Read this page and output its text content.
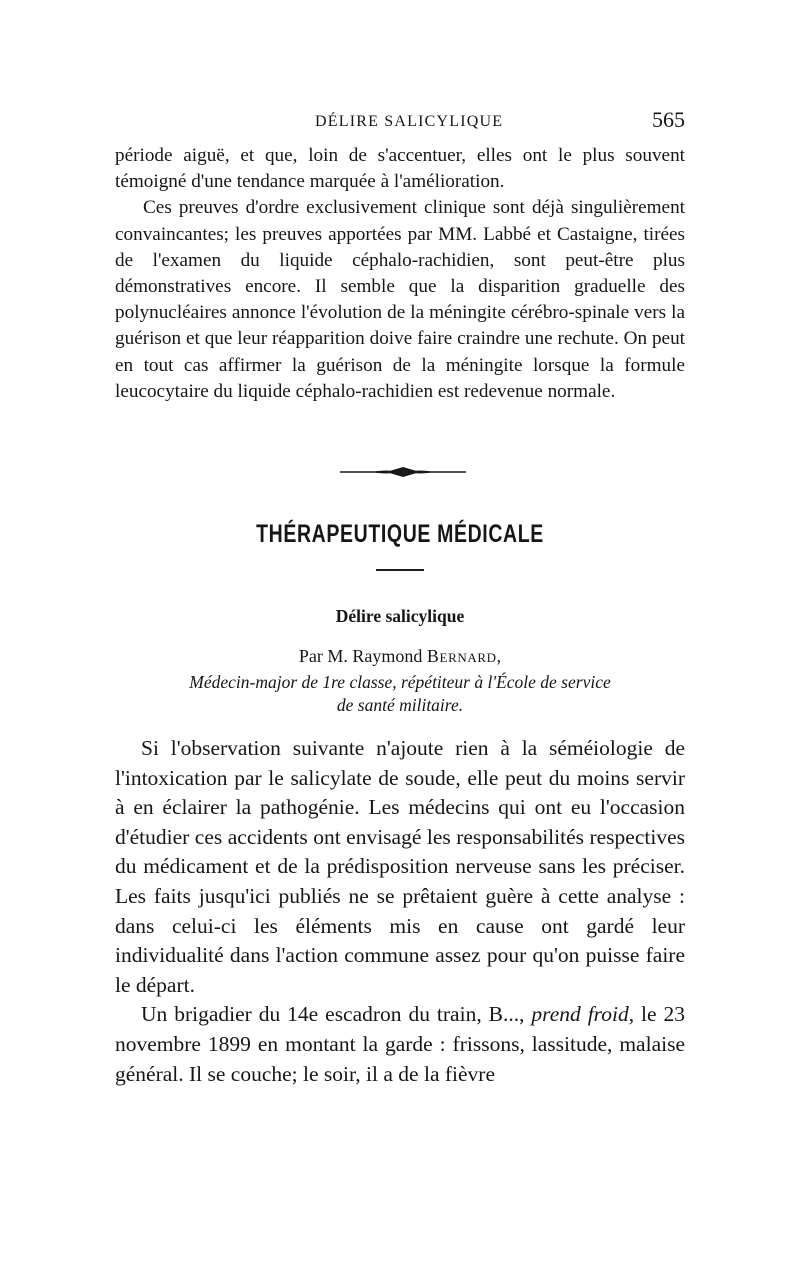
DÉLIRE SALICYLIQUE	565

période aiguë, et que, loin de s'accentuer, elles ont le plus souvent témoigné d'une tendance marquée à l'amélioration.

Ces preuves d'ordre exclusivement clinique sont déjà singulièrement convaincantes; les preuves apportées par MM. Labbé et Castaigne, tirées de l'examen du liquide céphalo-rachidien, sont peut-être plus démonstratives encore. Il semble que la disparition graduelle des polynucléaires annonce l'évolution de la méningite cérébro-spinale vers la guérison et que leur réapparition doive faire craindre une rechute. On peut en tout cas affirmer la guérison de la méningite lorsque la formule leucocytaire du liquide céphalo-rachidien est redevenue normale.

THÉRAPEUTIQUE MÉDICALE
Délire salicylique
Par M. Raymond Bernard,
Médecin-major de 1re classe, répétiteur à l'École de service
de santé militaire.

Si l'observation suivante n'ajoute rien à la séméiologie de l'intoxication par le salicylate de soude, elle peut du moins servir à en éclairer la pathogénie. Les médecins qui ont eu l'occasion d'étudier ces accidents ont envisagé les responsabilités respectives du médicament et de la prédisposition nerveuse sans les préciser. Les faits jusqu'ici publiés ne se prêtaient guère à cette analyse : dans celui-ci les éléments mis en cause ont gardé leur individualité dans l'action commune assez pour qu'on puisse faire le départ.

Un brigadier du 14e escadron du train, B..., prend froid, le 23 novembre 1899 en montant la garde : frissons, lassitude, malaise général. Il se couche; le soir, il a de la fièvre
